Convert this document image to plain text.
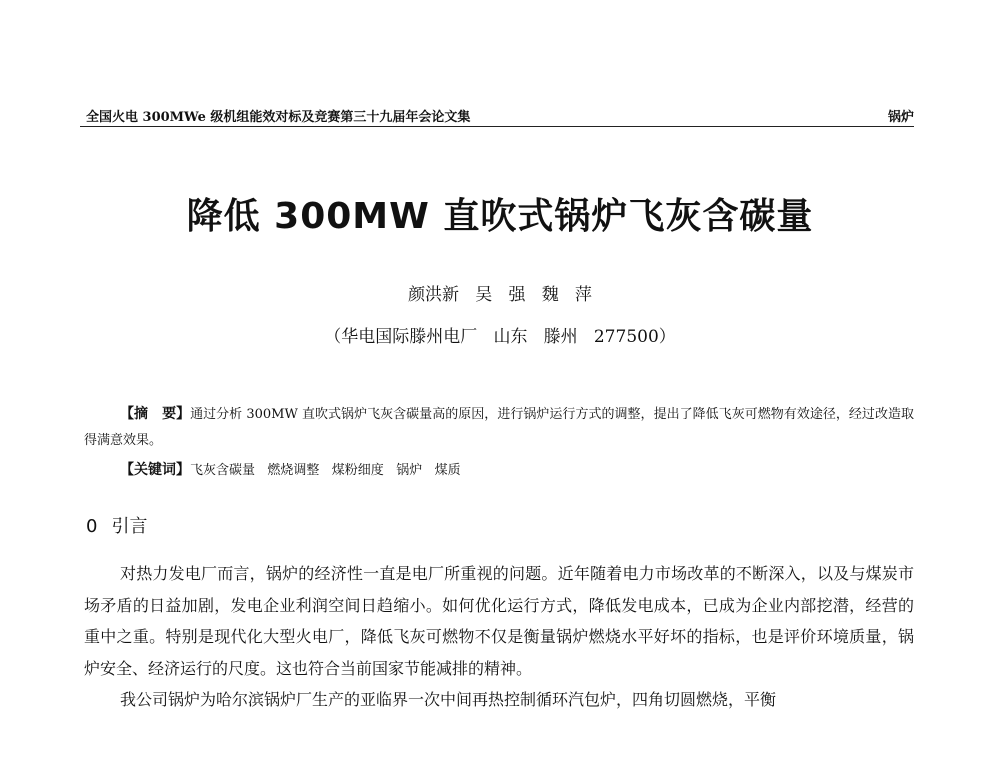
全国火电 300MWe 级机组能效对标及竞赛第三十九届年会论文集	锅炉
降低 300MW 直吹式锅炉飞灰含碳量
颜洪新   吴   强   魏   萍
（华电国际滕州电厂   山东   滕州   277500）
【摘　要】通过分析 300MW 直吹式锅炉飞灰含碳量高的原因，进行锅炉运行方式的调整，提出了降低飞灰可燃物有效途径，经过改造取得满意效果。
【关键词】飞灰含碳量   燃烧调整   煤粉细度   锅炉   煤质
0 引言

对热力发电厂而言，锅炉的经济性一直是电厂所重视的问题。近年随着电力市场改革的不断深入，以及与煤炭市场矛盾的日益加剧，发电企业利润空间日趋缩小。如何优化运行方式，降低发电成本，已成为企业内部挖潜，经营的重中之重。特别是现代化大型火电厂，降低飞灰可燃物不仅是衡量锅炉燃烧水平好坏的指标，也是评价环境质量，锅炉安全、经济运行的尺度。这也符合当前国家节能减排的精神。

我公司锅炉为哈尔滨锅炉厂生产的亚临界一次中间再热控制循环汽包炉，四角切圆燃烧，平衡
